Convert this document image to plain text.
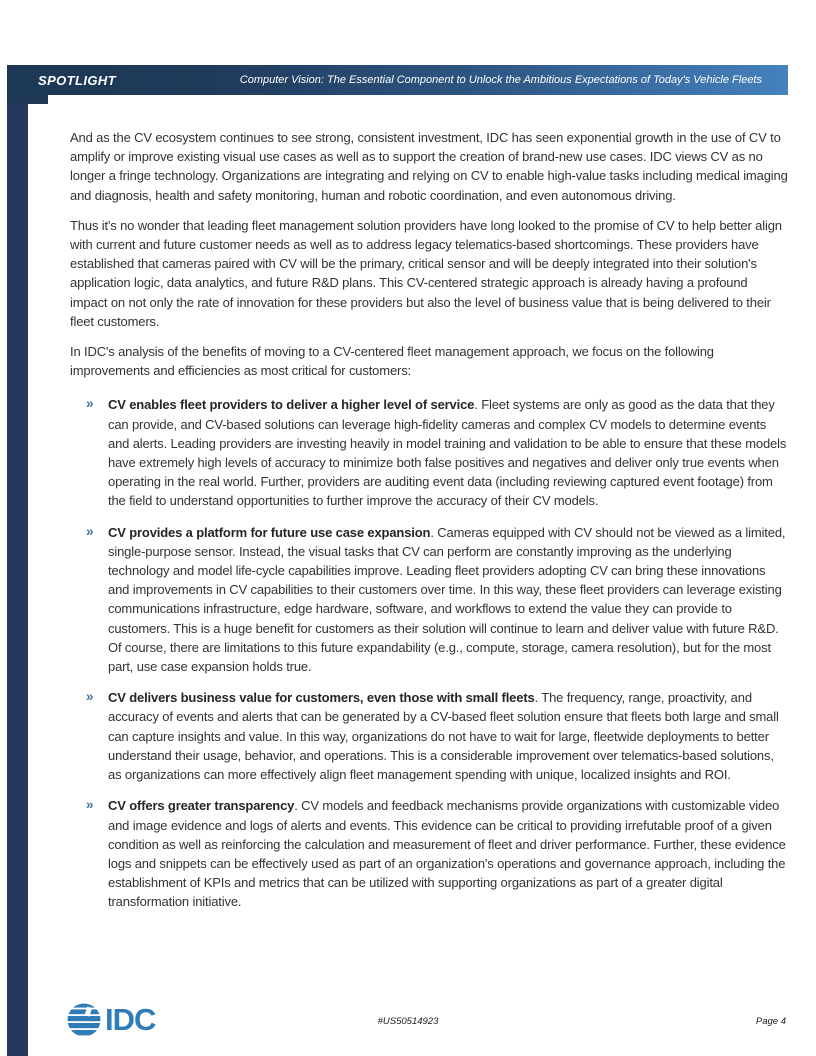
SPOTLIGHT	Computer Vision: The Essential Component to Unlock the Ambitious Expectations of Today's Vehicle Fleets

And as the CV ecosystem continues to see strong, consistent investment, IDC has seen exponential growth in the use of CV to amplify or improve existing visual use cases as well as to support the creation of brand-new use cases. IDC views CV as no longer a fringe technology. Organizations are integrating and relying on CV to enable high-value tasks including medical imaging and diagnosis, health and safety monitoring, human and robotic coordination, and even autonomous driving.

Thus it's no wonder that leading fleet management solution providers have long looked to the promise of CV to help better align with current and future customer needs as well as to address legacy telematics-based shortcomings. These providers have established that cameras paired with CV will be the primary, critical sensor and will be deeply integrated into their solution's application logic, data analytics, and future R&D plans. This CV-centered strategic approach is already having a profound impact on not only the rate of innovation for these providers but also the level of business value that is being delivered to their fleet customers.

In IDC's analysis of the benefits of moving to a CV-centered fleet management approach, we focus on the following improvements and efficiencies as most critical for customers:

» CV enables fleet providers to deliver a higher level of service. Fleet systems are only as good as the data that they can provide, and CV-based solutions can leverage high-fidelity cameras and complex CV models to determine events and alerts. Leading providers are investing heavily in model training and validation to be able to ensure that these models have extremely high levels of accuracy to minimize both false positives and negatives and deliver only true events when operating in the real world. Further, providers are auditing event data (including reviewing captured event footage) from the field to understand opportunities to further improve the accuracy of their CV models.
» CV provides a platform for future use case expansion. Cameras equipped with CV should not be viewed as a limited, single-purpose sensor. Instead, the visual tasks that CV can perform are constantly improving as the underlying technology and model life-cycle capabilities improve. Leading fleet providers adopting CV can bring these innovations and improvements in CV capabilities to their customers over time. In this way, these fleet providers can leverage existing communications infrastructure, edge hardware, software, and workflows to extend the value they can provide to customers. This is a huge benefit for customers as their solution will continue to learn and deliver value with future R&D. Of course, there are limitations to this future expandability (e.g., compute, storage, camera resolution), but for the most part, use case expansion holds true.
» CV delivers business value for customers, even those with small fleets. The frequency, range, proactivity, and accuracy of events and alerts that can be generated by a CV-based fleet solution ensure that fleets both large and small can capture insights and value. In this way, organizations do not have to wait for large, fleetwide deployments to better understand their usage, behavior, and operations. This is a considerable improvement over telematics-based solutions, as organizations can more effectively align fleet management spending with unique, localized insights and ROI.
» CV offers greater transparency. CV models and feedback mechanisms provide organizations with customizable video and image evidence and logs of alerts and events. This evidence can be critical to providing irrefutable proof of a given condition as well as reinforcing the calculation and measurement of fleet and driver performance. Further, these evidence logs and snippets can be effectively used as part of an organization's operations and governance approach, including the establishment of KPIs and metrics that can be utilized with supporting organizations as part of a greater digital transformation initiative.
IDC	#US50514923	Page 4
